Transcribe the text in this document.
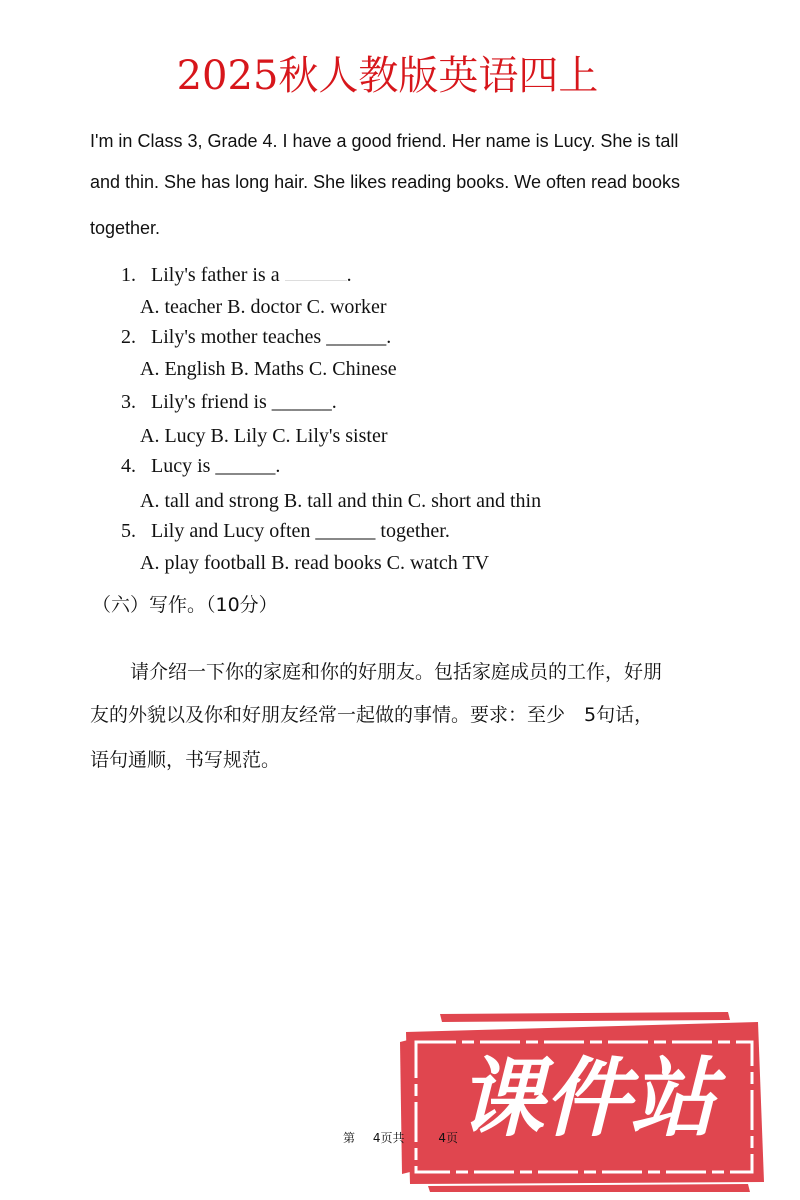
2025秋人教版英语四上
I'm in Class 3, Grade 4. I have a good friend. Her name is Lucy. She is tall
and thin. She has long hair. She likes reading books. We often read books
together.
1. Lily's father is a	.
A. teacher B. doctor C. worker
2. Lily's mother teaches ______.
A. English B. Maths C. Chinese
3. Lily's friend is ______.
A. Lucy B. Lily C. Lily's sister
4. Lucy is ______.
A. tall and strong B. tall and thin C. short and thin
5. Lily and Lucy often ______ together.
A. play football B. read books C. watch TV
（六）写作。（10分）
请介绍一下你的家庭和你的好朋友。包括家庭成员的工作，好朋
友的外貌以及你和好朋友经常一起做的事情。要求：至少　5句话，
语句通顺，书写规范。
课件站
第 4页共	4页
